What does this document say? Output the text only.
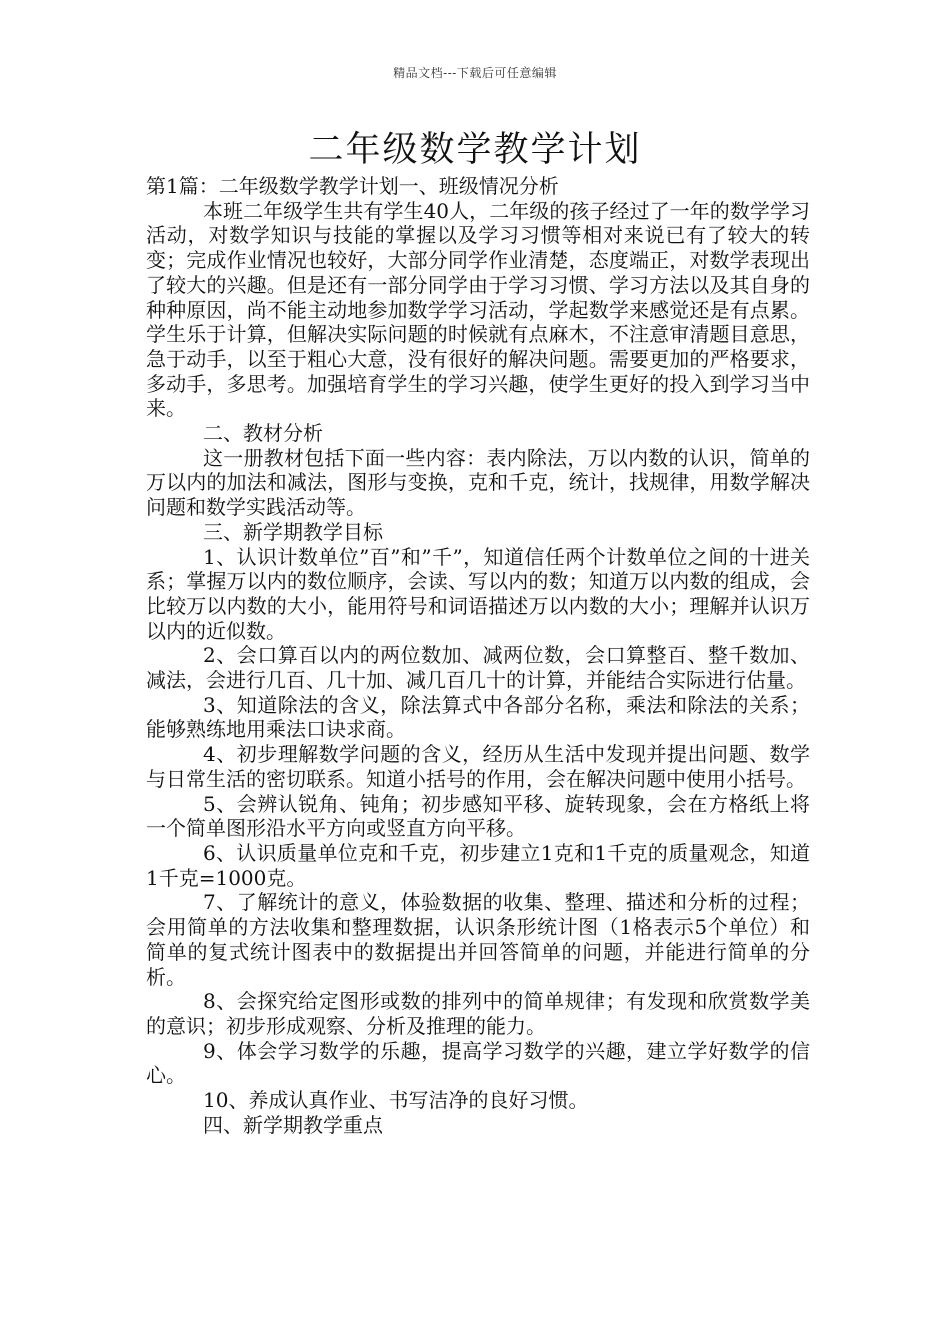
精品文档---下载后可任意编辑
二年级数学教学计划

第1篇：二年级数学教学计划一、班级情况分析

本班二年级学生共有学生40人，二年级的孩子经过了一年的数学学习活动，对数学知识与技能的掌握以及学习习惯等相对来说已有了较大的转变；完成作业情况也较好，大部分同学作业清楚，态度端正，对数学表现出了较大的兴趣。但是还有一部分同学由于学习习惯、学习方法以及其自身的种种原因，尚不能主动地参加数学学习活动，学起数学来感觉还是有点累。学生乐于计算，但解决实际问题的时候就有点麻木，不注意审清题目意思，急于动手，以至于粗心大意，没有很好的解决问题。需要更加的严格要求，多动手，多思考。加强培育学生的学习兴趣，使学生更好的投入到学习当中来。

二、教材分析

这一册教材包括下面一些内容：表内除法，万以内数的认识，简单的万以内的加法和减法，图形与变换，克和千克，统计，找规律，用数学解决问题和数学实践活动等。

三、新学期教学目标

1、认识计数单位”百”和”千”，知道信任两个计数单位之间的十进关系；掌握万以内的数位顺序，会读、写以内的数；知道万以内数的组成，会比较万以内数的大小，能用符号和词语描述万以内数的大小；理解并认识万以内的近似数。

2、会口算百以内的两位数加、减两位数，会口算整百、整千数加、减法，会进行几百、几十加、减几百几十的计算，并能结合实际进行估量。

3、知道除法的含义，除法算式中各部分名称，乘法和除法的关系；能够熟练地用乘法口诀求商。

4、初步理解数学问题的含义，经历从生活中发现并提出问题、数学与日常生活的密切联系。知道小括号的作用，会在解决问题中使用小括号。

5、会辨认锐角、钝角；初步感知平移、旋转现象，会在方格纸上将一个简单图形沿水平方向或竖直方向平移。

6、认识质量单位克和千克，初步建立1克和1千克的质量观念，知道1千克=1000克。

7、了解统计的意义，体验数据的收集、整理、描述和分析的过程；会用简单的方法收集和整理数据，认识条形统计图（1格表示5个单位）和简单的复式统计图表中的数据提出并回答简单的问题，并能进行简单的分析。

8、会探究给定图形或数的排列中的简单规律；有发现和欣赏数学美的意识；初步形成观察、分析及推理的能力。

9、体会学习数学的乐趣，提高学习数学的兴趣，建立学好数学的信心。

10、养成认真作业、书写洁净的良好习惯。

四、新学期教学重点
